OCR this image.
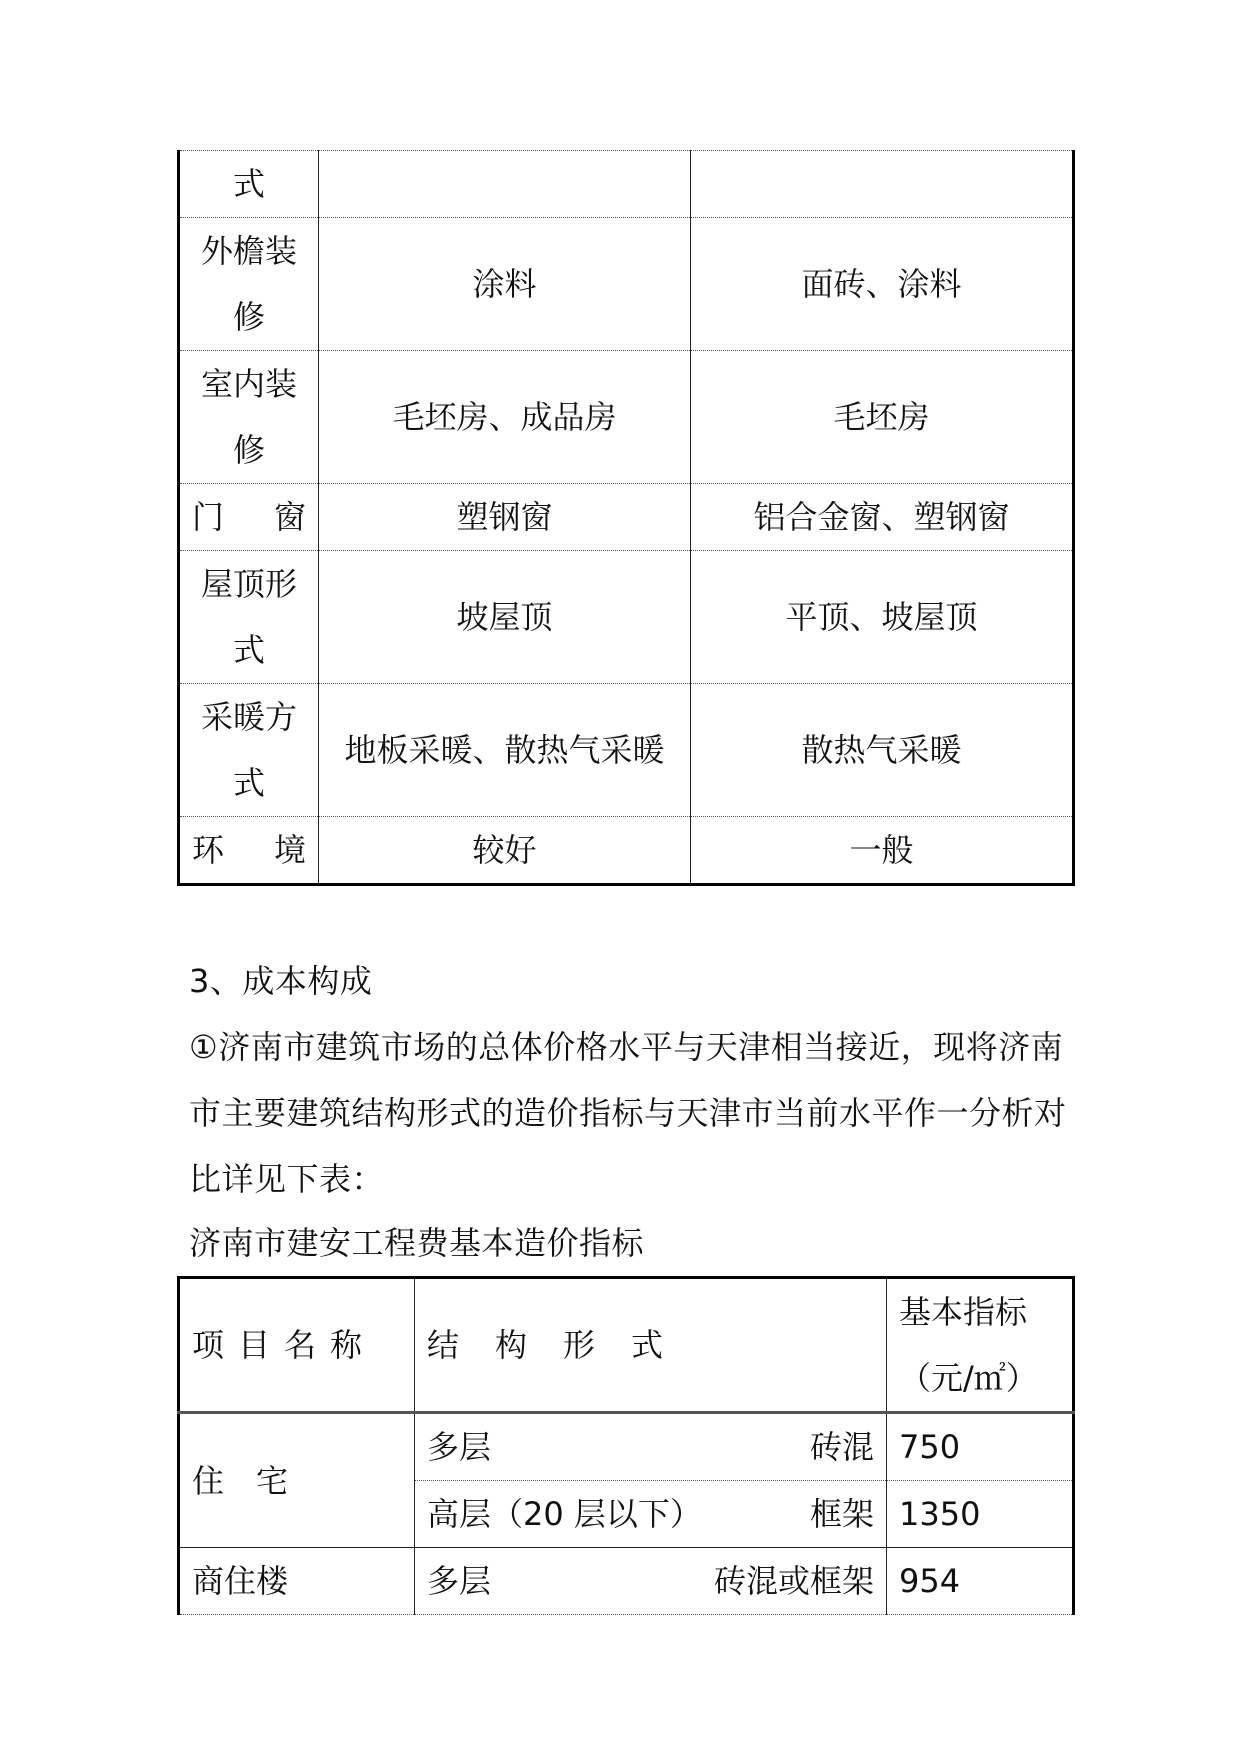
式		
外檐装修	涂料	面砖、涂料
室内装修	毛坯房、成品房	毛坯房

门 窗	塑钢窗	铝合金窗、塑钢窗
屋顶形式	坡屋顶	平顶、坡屋顶
采暖方式	地板采暖、散热气采暖	散热气采暖

环 境	较好	一般
3、成本构成
①济南市建筑市场的总体价格水平与天津相当接近，现将济南市主要建筑结构形式的造价指标与天津市当前水平作一分析对比详见下表：
济南市建安工程费基本造价指标
项目名称	结构形式	基本指标（元/㎡）
住　宅	多层 砖混	750

	高层（20 层以下） 框架	1350
商住楼	多层 砖混或框架	954
